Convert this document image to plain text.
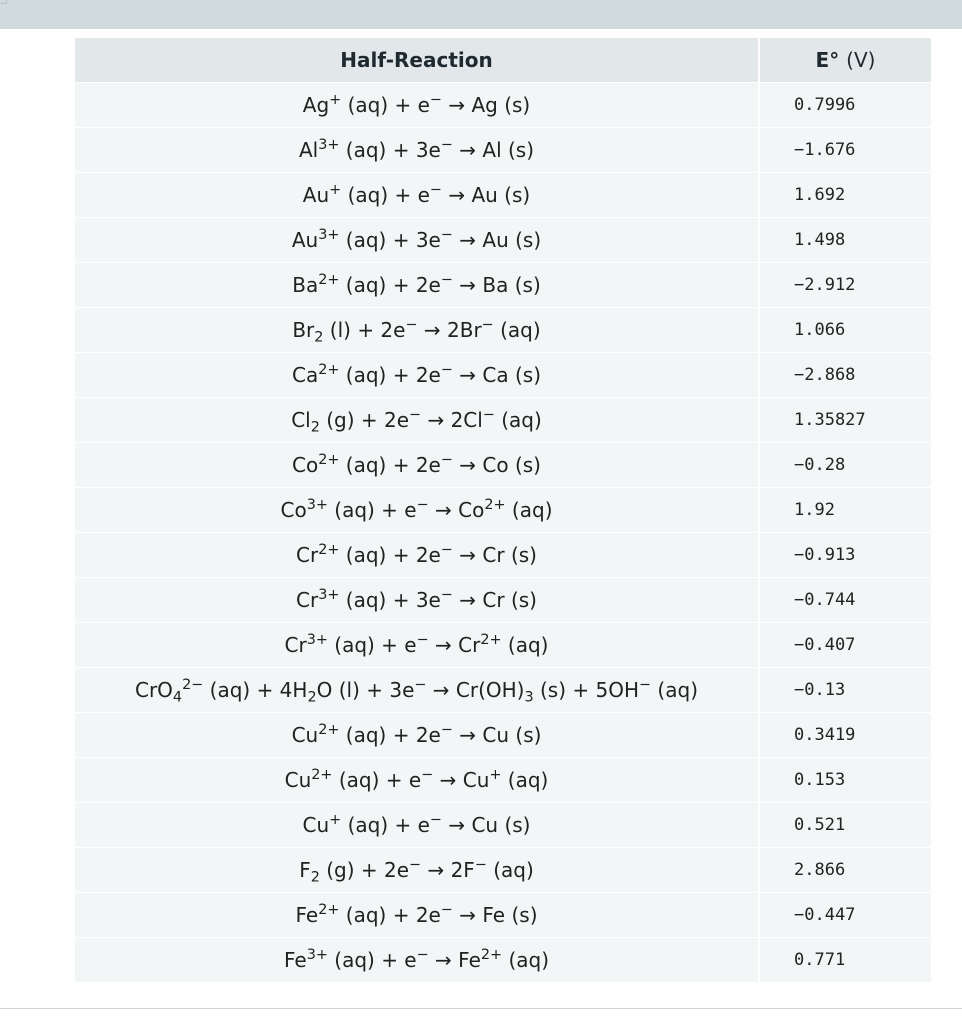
Half-Reaction	E° (V)
Ag+ (aq) + e− → Ag (s)	0.7996
$Al^{3+}$ (aq) + 3e− → Al (s)	−1.676
Au+ (aq) + e− → Au (s)	1.692
$Au^{3+}$ (aq) + 3e− → Au (s)	1.498
$Ba^{2+}$ (aq) + 2e− → Ba (s)	−2.912
$Br_2$ (l) + 2e− → 2Br− (aq)	1.066
$Ca^{2+}$ (aq) + 2e− → Ca (s)	−2.868
$Cl_2$ (g) + 2e− → 2Cl− (aq)	1.35827
$Co^{2+}$ (aq) + 2e− → Co (s)	−0.28
$Co^{3+}$ $(aq) + e^- \to Co^{2+}$ (aq)	1.92
$Cr^{2+}$ (aq) + 2e− → Cr (s)	−0.913
$Cr^{3+}$ (aq) + 3e− → Cr (s)	−0.744
$Cr^{3+}$ $(aq) + e^- \to Cr^{2+}$ (aq)	−0.407
CrO$_4^{2-}$ $(aq) + 4H_2O$ $(l) + 3e^- \to Cr(OH)_3$ (s) + 5OH− (aq)	−0.13
$Cu^{2+}$ (aq) + 2e− → Cu (s)	0.3419
$Cu^{2+}$ (aq) + e− → Cu+ (aq)	0.153
Cu+ (aq) + e− → Cu (s)	0.521
$F_2$ (g) + 2e− → 2F− (aq)	2.866
$Fe^{2+}$ (aq) + 2e− → Fe (s)	−0.447
$Fe^{3+}$ $(aq) + e^- \to Fe^{2+}$ (aq)	0.771
